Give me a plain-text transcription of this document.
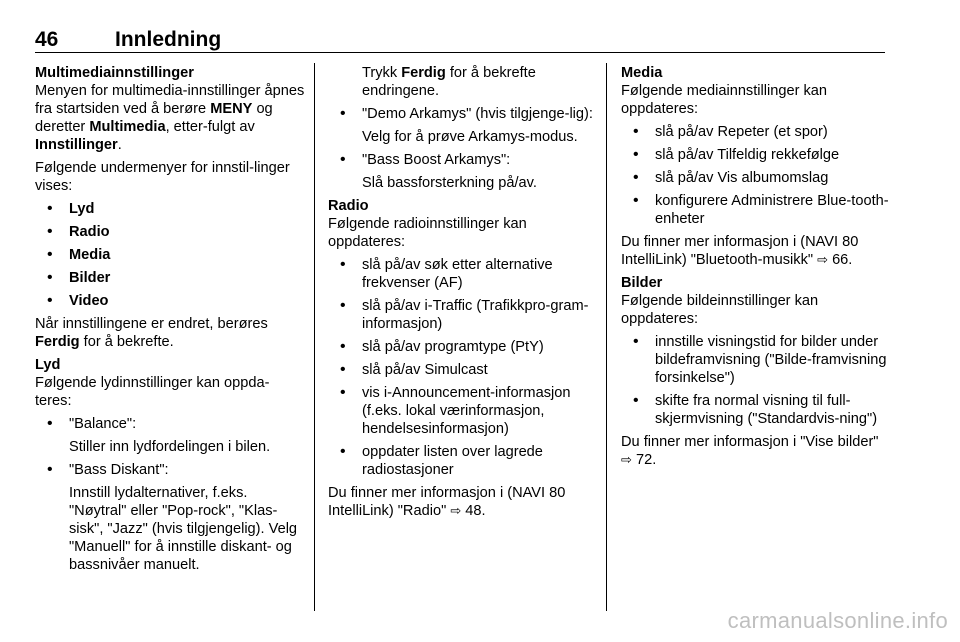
46	Innledning

Multimediainnstillinger

Menyen for multimedia-innstillinger åpnes fra startsiden ved å berøre MENY og deretter Multimedia, etter-fulgt av Innstillinger.

Følgende undermenyer for innstil-linger vises:

• Lyd
• Radio
• Media
• Bilder
• Video

Når innstillingene er endret, berøres Ferdig for å bekrefte.

Lyd

Følgende lydinnstillinger kan oppda-teres:

• "Balance":
Stiller inn lydfordelingen i bilen.
• "Bass Diskant":
Innstill lydalternativer, f.eks. "Nøytral" eller "Pop-rock", "Klas-sisk", "Jazz" (hvis tilgjengelig). Velg "Manuell" for å innstille diskant- og bassnivåer manuelt.

Trykk Ferdig for å bekrefte endringene.

• "Demo Arkamys" (hvis tilgjenge-lig):
Velg for å prøve Arkamys-modus.
• "Bass Boost Arkamys":
Slå bassforsterkning på/av.

Radio

Følgende radioinnstillinger kan oppdateres:

• slå på/av søk etter alternative frekvenser (AF)
• slå på/av i-Traffic (Trafikkpro-gram-informasjon)
• slå på/av programtype (PtY)
• slå på/av Simulcast
• vis i-Announcement-informasjon (f.eks. lokal værinformasjon, hendelsesinformasjon)
• oppdater listen over lagrede radiostasjoner

Du finner mer informasjon i (NAVI 80 IntelliLink) "Radio" ⇨ 48.

Media

Følgende mediainnstillinger kan oppdateres:

• slå på/av Repeter (et spor)
• slå på/av Tilfeldig rekkefølge
• slå på/av Vis albumomslag
• konfigurere Administrere Blue-tooth-enheter

Du finner mer informasjon i (NAVI 80 IntelliLink) "Bluetooth-musikk" ⇨ 66.

Bilder

Følgende bildeinnstillinger kan oppdateres:

• innstille visningstid for bilder under bildeframvisning ("Bilde-framvisning forsinkelse")
• skifte fra normal visning til full-skjermvisning ("Standardvis-ning")

Du finner mer informasjon i "Vise bilder" ⇨ 72.

carmanualsonline.info
